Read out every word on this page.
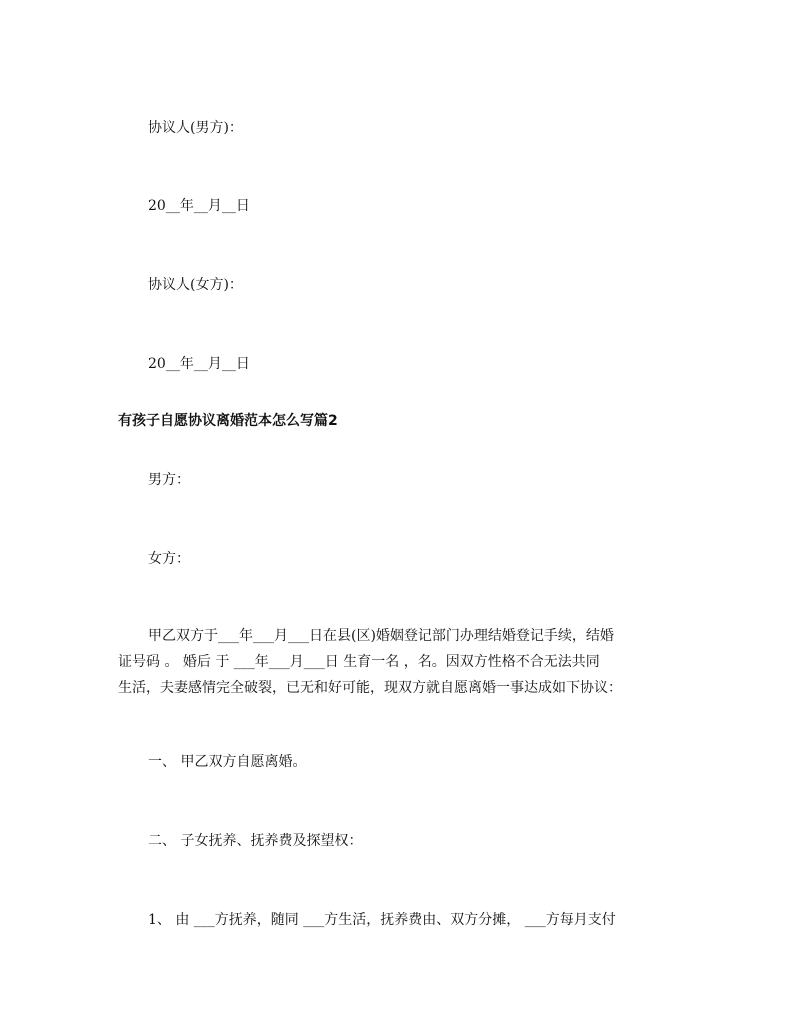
协议人(男方)：
20__年__月__日
协议人(女方)：
20__年__月__日
有孩子自愿协议离婚范本怎么写篇2
男方：
女方：
甲乙双方于___年___月___日在县(区)婚姻登记部门办理结婚登记手续，结婚
证号码 。 婚后 于 ___年___月___日 生育一名 ，名。因双方性格不合无法共同
生活，夫妻感情完全破裂，已无和好可能，现双方就自愿离婚一事达成如下协议：
一、 甲乙双方自愿离婚。
二、 子女抚养、抚养费及探望权：
1、 由 ___方抚养，随同 ___方生活，抚养费由、双方分摊， ___方每月支付
